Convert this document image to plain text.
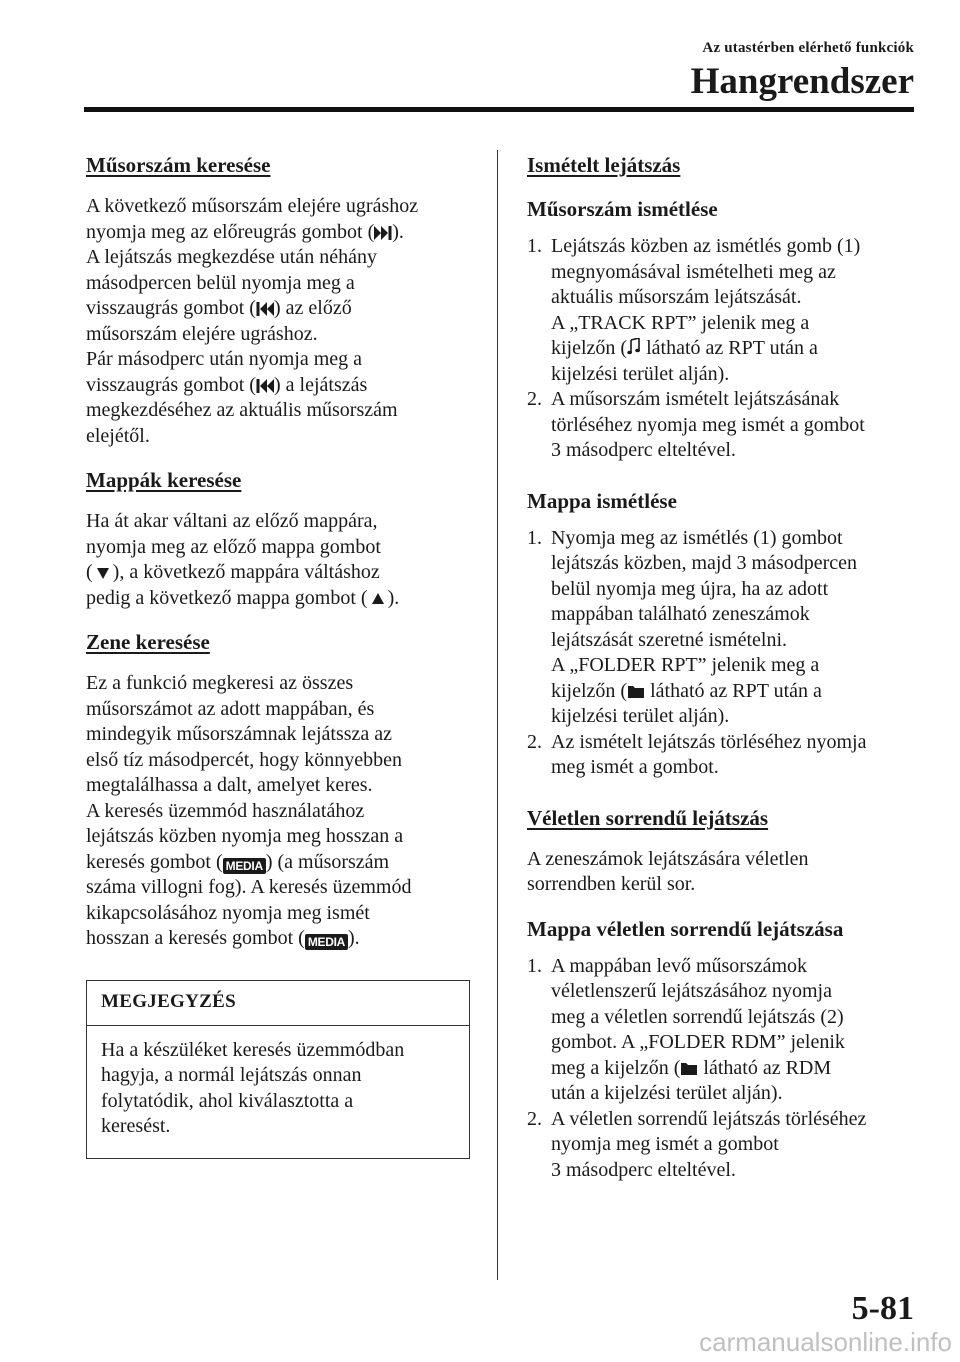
Az utastérben elérhető funkciók
Hangrendszer
Műsorszám keresése
A következő műsorszám elejére ugráshoz
nyomja meg az előreugrás gombot ( ).
A lejátszás megkezdése után néhány
másodpercen belül nyomja meg a
visszaugrás gombot ( ) az előző
műsorszám elejére ugráshoz.
Pár másodperc után nyomja meg a
visszaugrás gombot ( ) a lejátszás
megkezdéséhez az aktuális műsorszám
elejétől.
Mappák keresése
Ha át akar váltani az előző mappára,
nyomja meg az előző mappa gombot
( ), a következő mappára váltáshoz
pedig a következő mappa gombot ( ).
Zene keresése
Ez a funkció megkeresi az összes
műsorszámot az adott mappában, és
mindegyik műsorszámnak lejátssza az
első tíz másodpercét, hogy könnyebben
megtalálhassa a dalt, amelyet keres.
A keresés üzemmód használatához
lejátszás közben nyomja meg hosszan a
keresés gombot ( MEDIA ) (a műsorszám
száma villogni fog). A keresés üzemmód
kikapcsolásához nyomja meg ismét
hosszan a keresés gombot ( MEDIA ).
MEGJEGYZÉS
Ha a készüléket keresés üzemmódban
hagyja, a normál lejátszás onnan
folytatódik, ahol kiválasztotta a
keresést.
Ismételt lejátszás
Műsorszám ismétlése
1. Lejátszás közben az ismétlés gomb (1)
megnyomásával ismételheti meg az
aktuális műsorszám lejátszását.
A „TRACK RPT” jelenik meg a
kijelzőn ( látható az RPT után a
kijelzési terület alján).
2. A műsorszám ismételt lejátszásának
törléséhez nyomja meg ismét a gombot
3 másodperc elteltével.
Mappa ismétlése
1. Nyomja meg az ismétlés (1) gombot
lejátszás közben, majd 3 másodpercen
belül nyomja meg újra, ha az adott
mappában található zeneszámok
lejátszását szeretné ismételni.
A „FOLDER RPT” jelenik meg a
kijelzőn ( látható az RPT után a
kijelzési terület alján).
2. Az ismételt lejátszás törléséhez nyomja
meg ismét a gombot.
Véletlen sorrendű lejátszás
A zeneszámok lejátszására véletlen
sorrendben kerül sor.
Mappa véletlen sorrendű lejátszása
1. A mappában levő műsorszámok
véletlenszerű lejátszásához nyomja
meg a véletlen sorrendű lejátszás (2)
gombot. A „FOLDER RDM” jelenik
meg a kijelzőn ( látható az RDM
után a kijelzési terület alján).
2. A véletlen sorrendű lejátszás törléséhez
nyomja meg ismét a gombot
3 másodperc elteltével.
5-81
carmanualsonline.info
